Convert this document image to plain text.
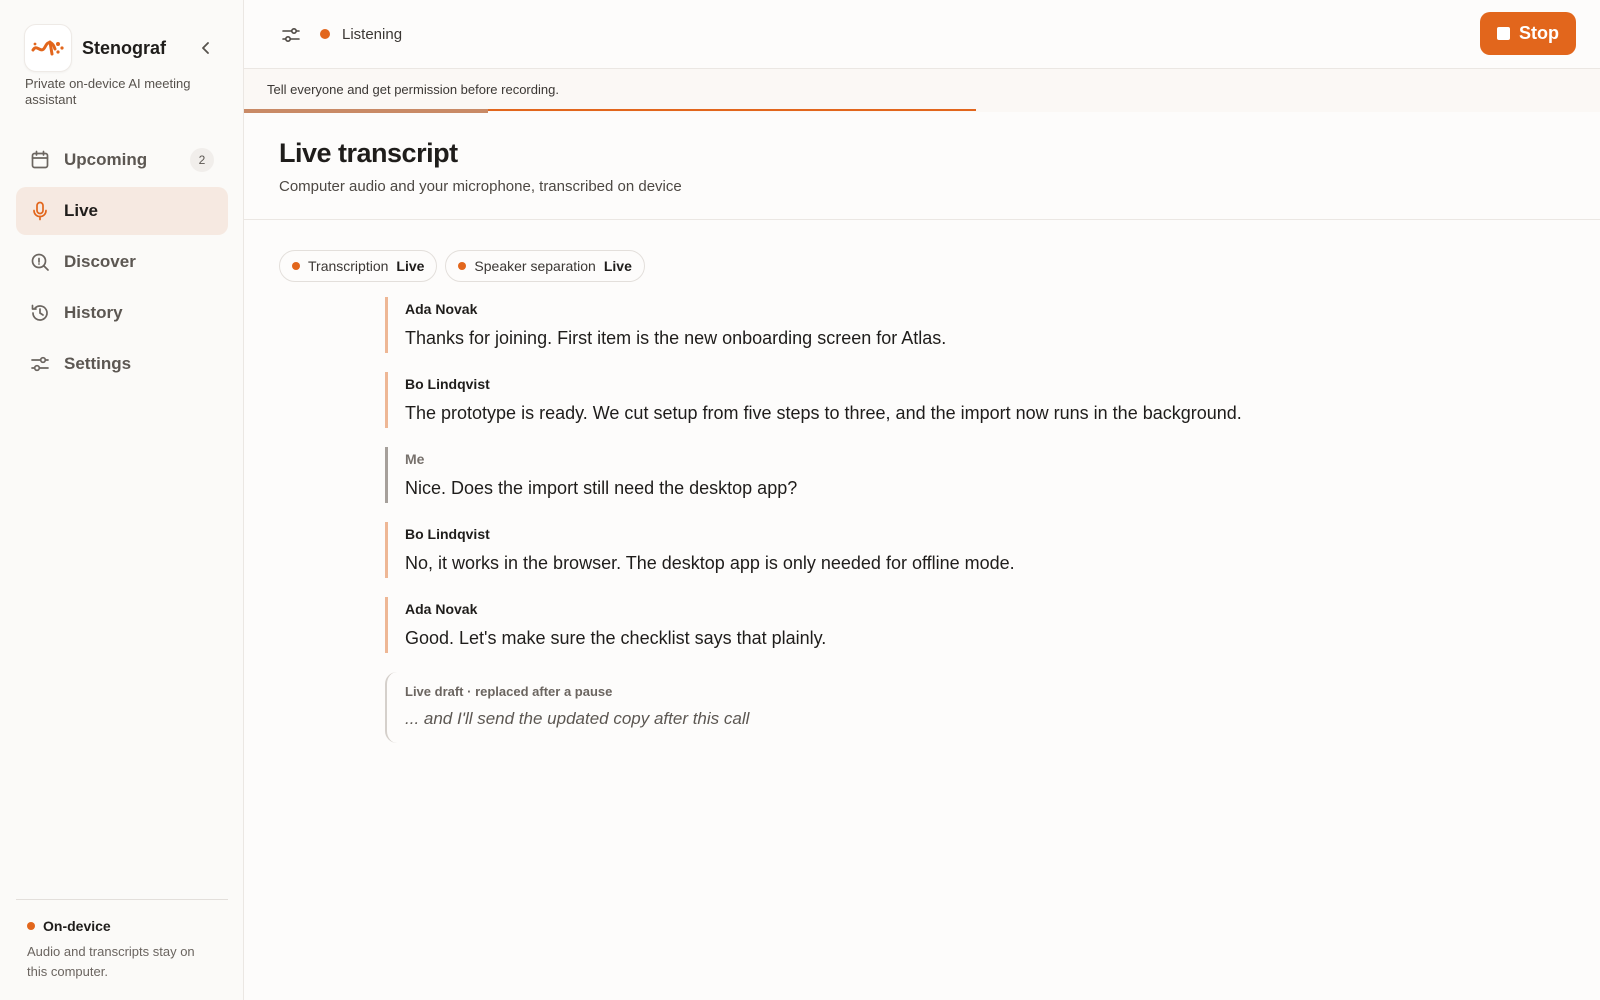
Stenograf
Private on-device AI meeting assistant
Upcoming	2
Live
Discover
History
Settings
On-device
Audio and transcripts stay on this computer.
Listening	Stop
Tell everyone and get permission before recording.
Live transcript
Computer audio and your microphone, transcribed on device
Transcription Live	Speaker separation Live
Ada Novak
Thanks for joining. First item is the new onboarding screen for Atlas.
Bo Lindqvist
The prototype is ready. We cut setup from five steps to three, and the import now runs in the background.
Me
Nice. Does the import still need the desktop app?
Bo Lindqvist
No, it works in the browser. The desktop app is only needed for offline mode.
Ada Novak
Good. Let's make sure the checklist says that plainly.
Live draft · replaced after a pause
... and I'll send the updated copy after this call
